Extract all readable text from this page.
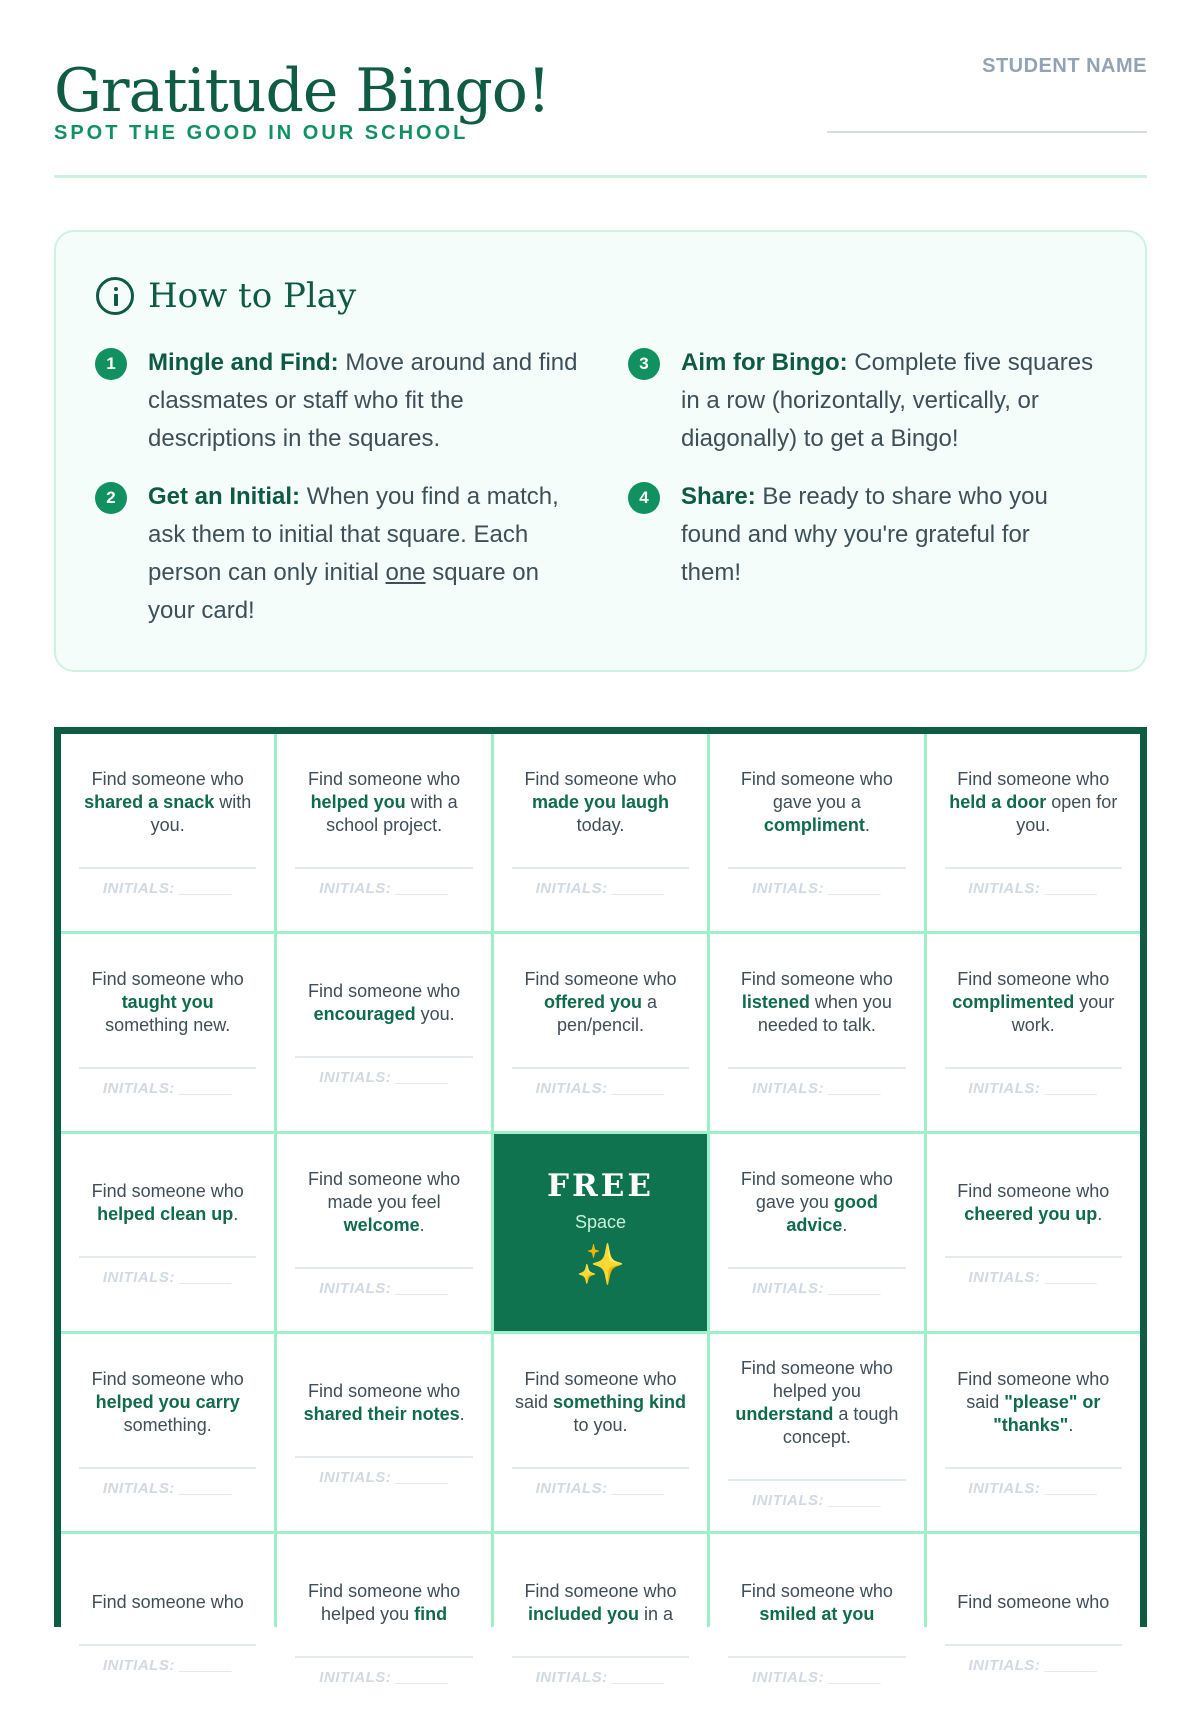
Gratitude Bingo!
SPOT THE GOOD IN OUR SCHOOL
STUDENT NAME
How to Play
1	Mingle and Find: Move around and find classmates or staff who fit the descriptions in the squares.
2	Get an Initial: When you find a match, ask them to initial that square. Each person can only initial one square on your card!
3	Aim for Bingo: Complete five squares in a row (horizontally, vertically, or diagonally) to get a Bingo!
4	Share: Be ready to share who you found and why you're grateful for them!
Find someone who shared a snack with you.
INITIALS: ______
Find someone who helped you with a school project.
INITIALS: ______
Find someone who made you laugh today.
INITIALS: ______
Find someone who gave you a compliment.
INITIALS: ______
Find someone who held a door open for you.
INITIALS: ______
Find someone who taught you something new.
INITIALS: ______
Find someone who encouraged you.
INITIALS: ______
Find someone who offered you a pen/pencil.
INITIALS: ______
Find someone who listened when you needed to talk.
INITIALS: ______
Find someone who complimented your work.
INITIALS: ______
Find someone who helped clean up.
INITIALS: ______
Find someone who made you feel welcome.
INITIALS: ______
FREE
Space
✨
Find someone who gave you good advice.
INITIALS: ______
Find someone who cheered you up.
INITIALS: ______
Find someone who helped you carry something.
INITIALS: ______
Find someone who shared their notes.
INITIALS: ______
Find someone who said something kind to you.
INITIALS: ______
Find someone who helped you understand a tough concept.
INITIALS: ______
Find someone who said "please" or "thanks".
INITIALS: ______
Find someone who
INITIALS: ______
Find someone who helped you find
INITIALS: ______
Find someone who included you in a
INITIALS: ______
Find someone who smiled at you
INITIALS: ______
Find someone who
INITIALS: ______
